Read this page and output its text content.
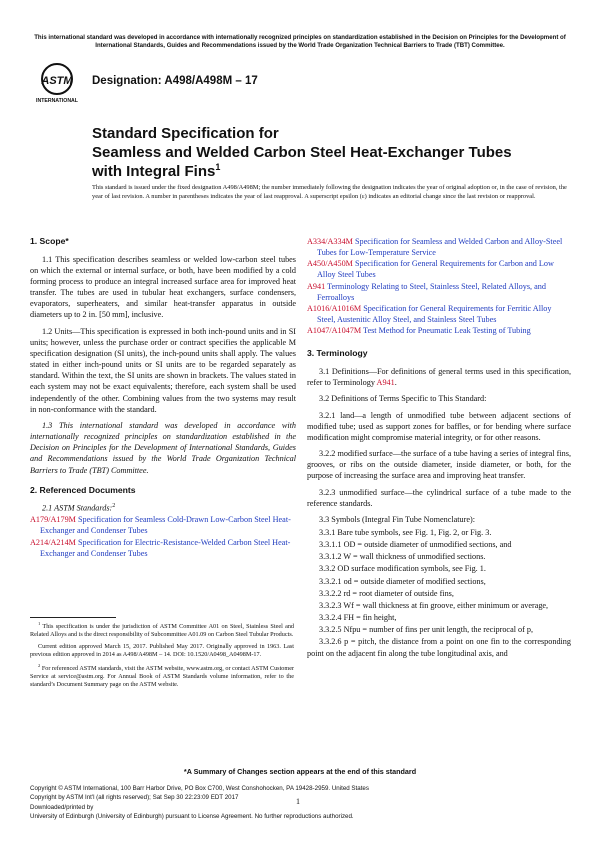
This international standard was developed in accordance with internationally recognized principles on standardization established in the Decision on Principles for the Development of International Standards, Guides and Recommendations issued by the World Trade Organization Technical Barriers to Trade (TBT) Committee.
ASTM
INTERNATIONAL
Designation: A498/A498M – 17
Standard Specification for
Seamless and Welded Carbon Steel Heat-Exchanger Tubes
with Integral Fins$^1$
This standard is issued under the fixed designation A498/A498M; the number immediately following the designation indicates the year of original adoption or, in the case of revision, the year of last revision. A number in parentheses indicates the year of last reapproval. A superscript epsilon (ε) indicates an editorial change since the last revision or reapproval.
1. Scope*

1.1 This specification describes seamless or welded low-carbon steel tubes on which the external or internal surface, or both, have been modified by a cold forming process to produce an integral increased surface area for improved heat transfer. The tubes are used in tubular heat exchangers, surface condensers, evaporators, superheaters, and similar heat-transfer apparatus in outside diameters up to 2 in. [50 mm], inclusive.

1.2 Units—This specification is expressed in both inch-pound units and in SI units; however, unless the purchase order or contract specifies the applicable M specification designation (SI units), the inch-pound units shall apply. The values stated in either inch-pound units or SI units are to be regarded separately as standard. Within the text, the SI units are shown in brackets. The values stated in each system may not be exact equivalents; therefore, each system shall be used independently of the other. Combining values from the two systems may result in non-conformance with the standard.

1.3 This international standard was developed in accordance with internationally recognized principles on standardization established in the Decision on Principles for the Development of International Standards, Guides and Recommendations issued by the World Trade Organization Technical Barriers to Trade (TBT) Committee.

2. Referenced Documents

2.1 ASTM Standards:$^2$

A179/A179M Specification for Seamless Cold-Drawn Low-Carbon Steel Heat-Exchanger and Condenser Tubes

A214/A214M Specification for Electric-Resistance-Welded Carbon Steel Heat-Exchanger and Condenser Tubes

A334/A334M Specification for Seamless and Welded Carbon and Alloy-Steel Tubes for Low-Temperature Service

A450/A450M Specification for General Requirements for Carbon and Low Alloy Steel Tubes

A941 Terminology Relating to Steel, Stainless Steel, Related Alloys, and Ferroalloys

A1016/A1016M Specification for General Requirements for Ferritic Alloy Steel, Austenitic Alloy Steel, and Stainless Steel Tubes

A1047/A1047M Test Method for Pneumatic Leak Testing of Tubing

3. Terminology

3.1 Definitions—For definitions of general terms used in this specification, refer to Terminology A941.

3.2 Definitions of Terms Specific to This Standard:

3.2.1 land—a length of unmodified tube between adjacent sections of modified tube; used as support zones for baffles, or for bending where surface modification might compromise material integrity, or for other reasons.

3.2.2 modified surface—the surface of a tube having a series of integral fins, grooves, or ribs on the outside diameter, inside diameter, or both, for the purpose of increasing the surface area and improving heat transfer.

3.2.3 unmodified surface—the cylindrical surface of a tube made to the reference standards.

3.3 Symbols (Integral Fin Tube Nomenclature):

3.3.1 Bare tube symbols, see Fig. 1, Fig. 2, or Fig. 3.

3.3.1.1 OD = outside diameter of unmodified sections, and

3.3.1.2 W = wall thickness of unmodified sections.

3.3.2 OD surface modification symbols, see Fig. 1.

3.3.2.1 od = outside diameter of modified sections,

3.3.2.2 rd = root diameter of outside fins,

3.3.2.3 Wf = wall thickness at fin groove, either minimum or average,

3.3.2.4 FH = fin height,

3.3.2.5 Nfpu = number of fins per unit length, the reciprocal of p,

3.3.2.6 p = pitch, the distance from a point on one fin to the corresponding point on the adjacent fin along the tube longitudinal axis, and

$^1$ This specification is under the jurisdiction of ASTM Committee A01 on Steel, Stainless Steel and Related Alloys and is the direct responsibility of Subcommittee A01.09 on Carbon Steel Tubular Products.

Current edition approved March 15, 2017. Published May 2017. Originally approved in 1963. Last previous edition approved in 2014 as A498/A498M – 14. DOI: 10.1520/A0498_A0498M-17.

$^2$ For referenced ASTM standards, visit the ASTM website, www.astm.org, or contact ASTM Customer Service at service@astm.org. For Annual Book of ASTM Standards volume information, refer to the standard’s Document Summary page on the ASTM website.

*A Summary of Changes section appears at the end of this standard
Copyright © ASTM International, 100 Barr Harbor Drive, PO Box C700, West Conshohocken, PA 19428-2959. United States
Copyright by ASTM Int'l (all rights reserved); Sat Sep 30 22:23:09 EDT 2017
Downloaded/printed by
University of Edinburgh (University of Edinburgh) pursuant to License Agreement. No further reproductions authorized.
1
